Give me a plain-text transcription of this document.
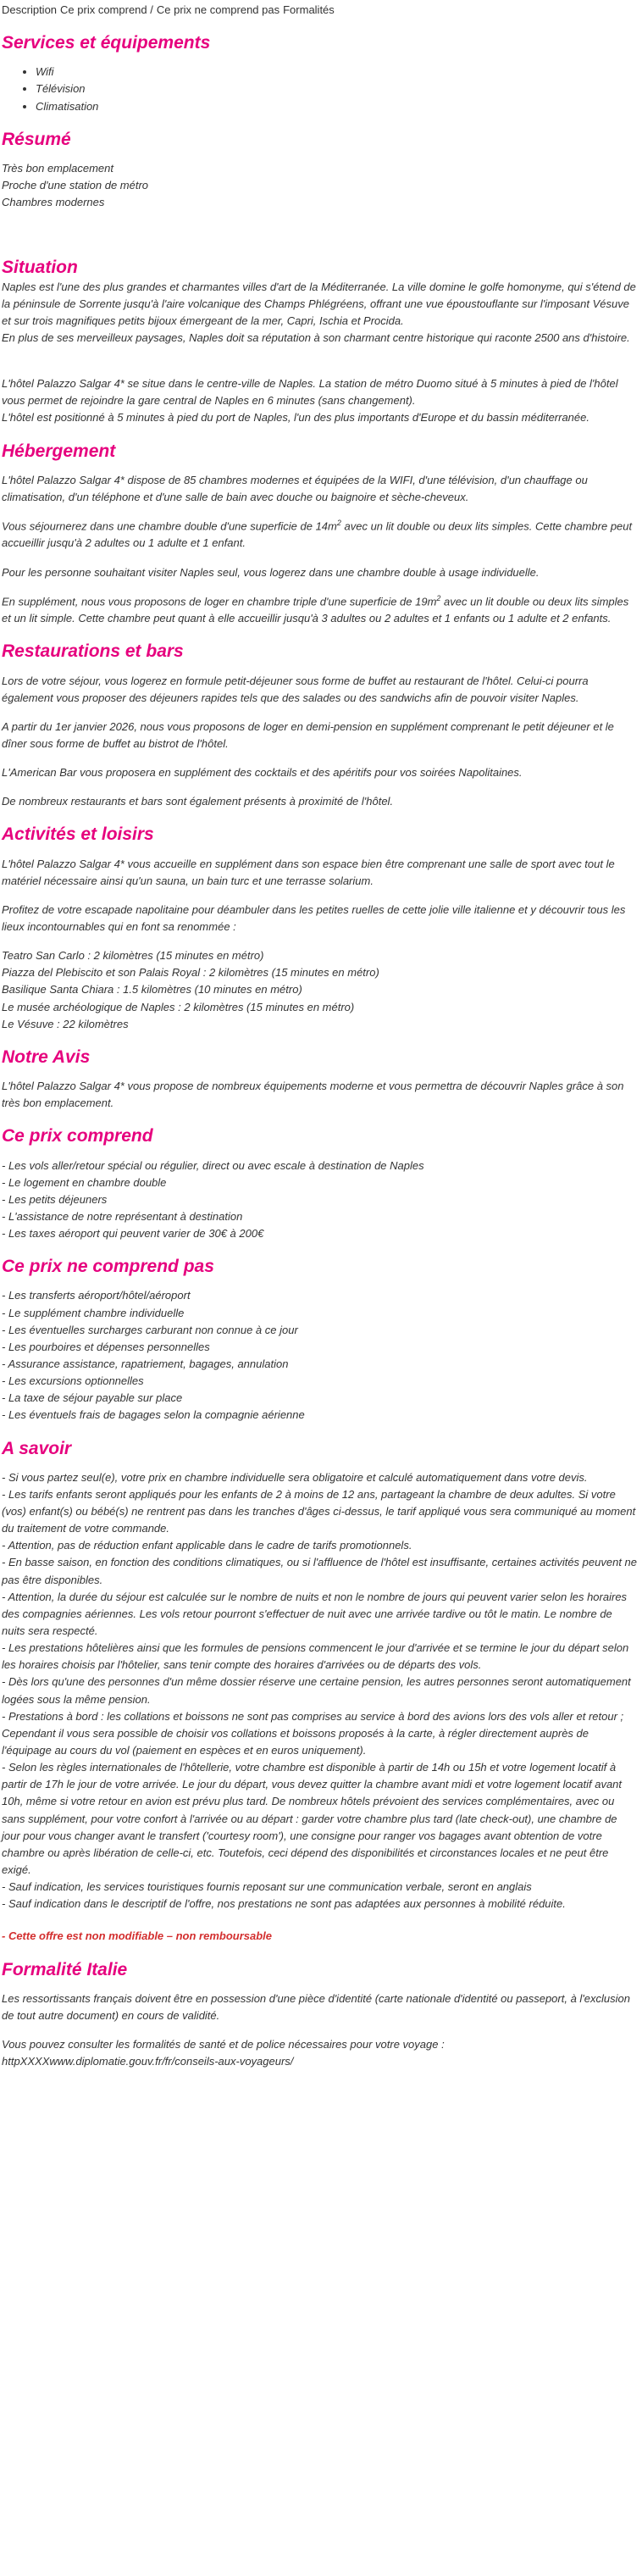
Description Ce prix comprend / Ce prix ne comprend pas Formalités
Services et équipements
• Wifi
• Télévision
• Climatisation
Résumé
Très bon emplacement
Proche d'une station de métro
Chambres modernes
Situation
Naples est l'une des plus grandes et charmantes villes d'art de la Méditerranée. La ville domine le golfe homonyme, qui s'étend de la péninsule de Sorrente jusqu'à l'aire volcanique des Champs Phlégréens, offrant une vue époustouflante sur l'imposant Vésuve et sur trois magnifiques petits bijoux émergeant de la mer, Capri, Ischia et Procida.
En plus de ses merveilleux paysages, Naples doit sa réputation à son charmant centre historique qui raconte 2500 ans d'histoire.
L'hôtel Palazzo Salgar 4* se situe dans le centre-ville de Naples. La station de métro Duomo situé à 5 minutes à pied de l'hôtel vous permet de rejoindre la gare central de Naples en 6 minutes (sans changement).
L'hôtel est positionné à 5 minutes à pied du port de Naples, l'un des plus importants d'Europe et du bassin méditerranée.
Hébergement

L'hôtel Palazzo Salgar 4* dispose de 85 chambres modernes et équipées de la WIFI, d'une télévision, d'un chauffage ou climatisation, d'un téléphone et d'une salle de bain avec douche ou baignoire et sèche-cheveux.

Vous séjournerez dans une chambre double d'une superficie de $14m^2$ avec un lit double ou deux lits simples. Cette chambre peut accueillir jusqu'à 2 adultes ou 1 adulte et 1 enfant.

Pour les personne souhaitant visiter Naples seul, vous logerez dans une chambre double à usage individuelle.

En supplément, nous vous proposons de loger en chambre triple d'une superficie de $19m^2$ avec un lit double ou deux lits simples et un lit simple. Cette chambre peut quant à elle accueillir jusqu'à 3 adultes ou 2 adultes et 1 enfants ou 1 adulte et 2 enfants.

Restaurations et bars

Lors de votre séjour, vous logerez en formule petit-déjeuner sous forme de buffet au restaurant de l'hôtel. Celui-ci pourra également vous proposer des déjeuners rapides tels que des salades ou des sandwichs afin de pouvoir visiter Naples.

A partir du 1er janvier 2026, nous vous proposons de loger en demi-pension en supplément comprenant le petit déjeuner et le dîner sous forme de buffet au bistrot de l'hôtel.

L'American Bar vous proposera en supplément des cocktails et des apéritifs pour vos soirées Napolitaines.

De nombreux restaurants et bars sont également présents à proximité de l'hôtel.

Activités et loisirs

L'hôtel Palazzo Salgar 4* vous accueille en supplément dans son espace bien être comprenant une salle de sport avec tout le matériel nécessaire ainsi qu'un sauna, un bain turc et une terrasse solarium.

Profitez de votre escapade napolitaine pour déambuler dans les petites ruelles de cette jolie ville italienne et y découvrir tous les lieux incontournables qui en font sa renommée :

Teatro San Carlo : 2 kilomètres (15 minutes en métro)
Piazza del Plebiscito et son Palais Royal : 2 kilomètres (15 minutes en métro)
Basilique Santa Chiara : 1.5 kilomètres (10 minutes en métro)
Le musée archéologique de Naples : 2 kilomètres (15 minutes en métro)
Le Vésuve : 22 kilomètres
Notre Avis

L'hôtel Palazzo Salgar 4* vous propose de nombreux équipements moderne et vous permettra de découvrir Naples grâce à son très bon emplacement.

Ce prix comprend
- Les vols aller/retour spécial ou régulier, direct ou avec escale à destination de Naples
- Le logement en chambre double
- Les petits déjeuners
- L'assistance de notre représentant à destination
- Les taxes aéroport qui peuvent varier de 30€ à 200€
Ce prix ne comprend pas
- Les transferts aéroport/hôtel/aéroport
- Le supplément chambre individuelle
- Les éventuelles surcharges carburant non connue à ce jour
- Les pourboires et dépenses personnelles
- Assurance assistance, rapatriement, bagages, annulation
- Les excursions optionnelles
- La taxe de séjour payable sur place
- Les éventuels frais de bagages selon la compagnie aérienne
A savoir
- Si vous partez seul(e), votre prix en chambre individuelle sera obligatoire et calculé automatiquement dans votre devis.
- Les tarifs enfants seront appliqués pour les enfants de 2 à moins de 12 ans, partageant la chambre de deux adultes. Si votre (vos) enfant(s) ou bébé(s) ne rentrent pas dans les tranches d'âges ci-dessus, le tarif appliqué vous sera communiqué au moment du traitement de votre commande.
- Attention, pas de réduction enfant applicable dans le cadre de tarifs promotionnels.
- En basse saison, en fonction des conditions climatiques, ou si l'affluence de l'hôtel est insuffisante, certaines activités peuvent ne pas être disponibles.
- Attention, la durée du séjour est calculée sur le nombre de nuits et non le nombre de jours qui peuvent varier selon les horaires des compagnies aériennes. Les vols retour pourront s'effectuer de nuit avec une arrivée tardive ou tôt le matin. Le nombre de nuits sera respecté.
- Les prestations hôtelières ainsi que les formules de pensions commencent le jour d'arrivée et se termine le jour du départ selon les horaires choisis par l'hôtelier, sans tenir compte des horaires d'arrivées ou de départs des vols.
- Dès lors qu'une des personnes d'un même dossier réserve une certaine pension, les autres personnes seront automatiquement logées sous la même pension.
- Prestations à bord : les collations et boissons ne sont pas comprises au service à bord des avions lors des vols aller et retour ; Cependant il vous sera possible de choisir vos collations et boissons proposés à la carte, à régler directement auprès de l'équipage au cours du vol (paiement en espèces et en euros uniquement).
- Selon les règles internationales de l'hôtellerie, votre chambre est disponible à partir de 14h ou 15h et votre logement locatif à partir de 17h le jour de votre arrivée. Le jour du départ, vous devez quitter la chambre avant midi et votre logement locatif avant 10h, même si votre retour en avion est prévu plus tard. De nombreux hôtels prévoient des services complémentaires, avec ou sans supplément, pour votre confort à l'arrivée ou au départ : garder votre chambre plus tard (late check-out), une chambre de jour pour vous changer avant le transfert ('courtesy room'), une consigne pour ranger vos bagages avant obtention de votre chambre ou après libération de celle-ci, etc. Toutefois, ceci dépend des disponibilités et circonstances locales et ne peut être exigé.
- Sauf indication, les services touristiques fournis reposant sur une communication verbale, seront en anglais
- Sauf indication dans le descriptif de l'offre, nos prestations ne sont pas adaptées aux personnes à mobilité réduite.

- Cette offre est non modifiable – non remboursable

Formalité Italie

Les ressortissants français doivent être en possession d'une pièce d'identité (carte nationale d'identité ou passeport, à l'exclusion de tout autre document) en cours de validité.

Vous pouvez consulter les formalités de santé et de police nécessaires pour votre voyage :
httpXXXXwww.diplomatie.gouv.fr/fr/conseils-aux-voyageurs/
